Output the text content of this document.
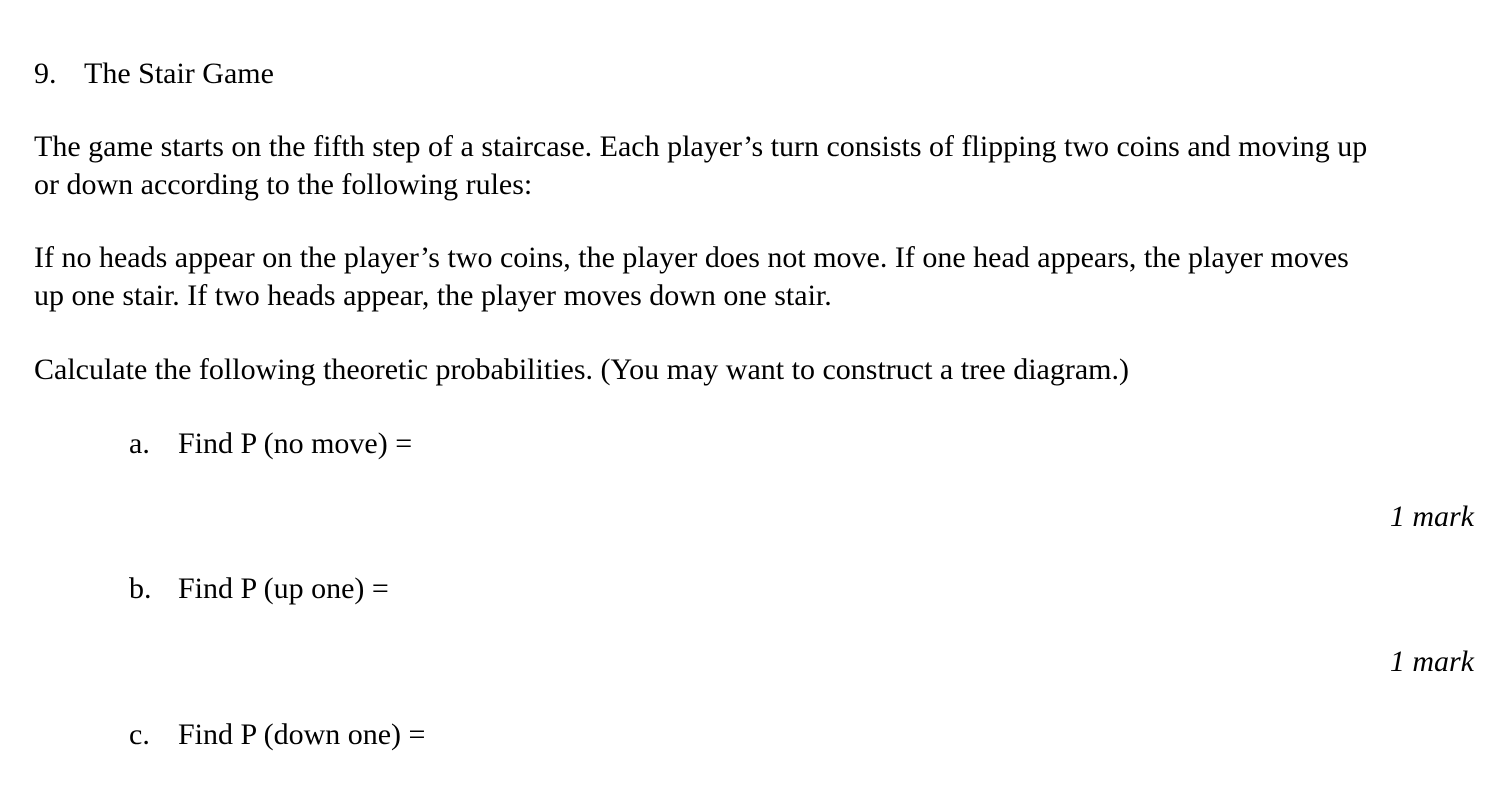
9. The Stair Game
The game starts on the fifth step of a staircase. Each player’s turn consists of flipping two coins and moving up
or down according to the following rules:
If no heads appear on the player’s two coins, the player does not move. If one head appears, the player moves
up one stair. If two heads appear, the player moves down one stair.
Calculate the following theoretic probabilities. (You may want to construct a tree diagram.)
a. Find P (no move) =
1 mark
b. Find P (up one) =
1 mark
c. Find P (down one) =
